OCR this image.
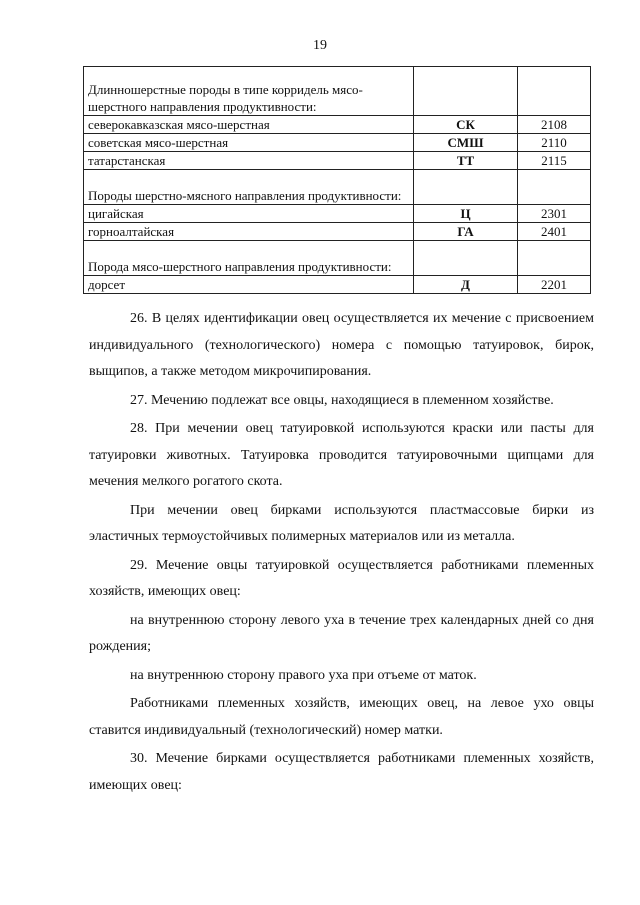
19
Длинношерстные породы в типе корридель мясо-шерстного направления продуктивности:		
северокавказская мясо-шерстная	СК	2108
советская мясо-шерстная	СМШ	2110
татарстанская	ТТ	2115
Породы шерстно-мясного направления продуктивности:		
цигайская	Ц	2301
горноалтайская	ГА	2401
Порода мясо-шерстного направления продуктивности:		
дорсет	Д	2201

26. В целях идентификации овец осуществляется их мечение с присвоением индивидуального (технологического) номера с помощью татуировок, бирок, выщипов, а также методом микрочипирования.

27. Мечению подлежат все овцы, находящиеся в племенном хозяйстве.

28. При мечении овец татуировкой используются краски или пасты для татуировки животных. Татуировка проводится татуировочными щипцами для мечения мелкого рогатого скота.

При мечении овец бирками используются пластмассовые бирки из эластичных термоустойчивых полимерных материалов или из металла.

29. Мечение овцы татуировкой осуществляется работниками племенных хозяйств, имеющих овец:

на внутреннюю сторону левого уха в течение трех календарных дней со дня рождения;

на внутреннюю сторону правого уха при отъеме от маток.

Работниками племенных хозяйств, имеющих овец, на левое ухо овцы ставится индивидуальный (технологический) номер матки.

30. Мечение бирками осуществляется работниками племенных хозяйств, имеющих овец:
